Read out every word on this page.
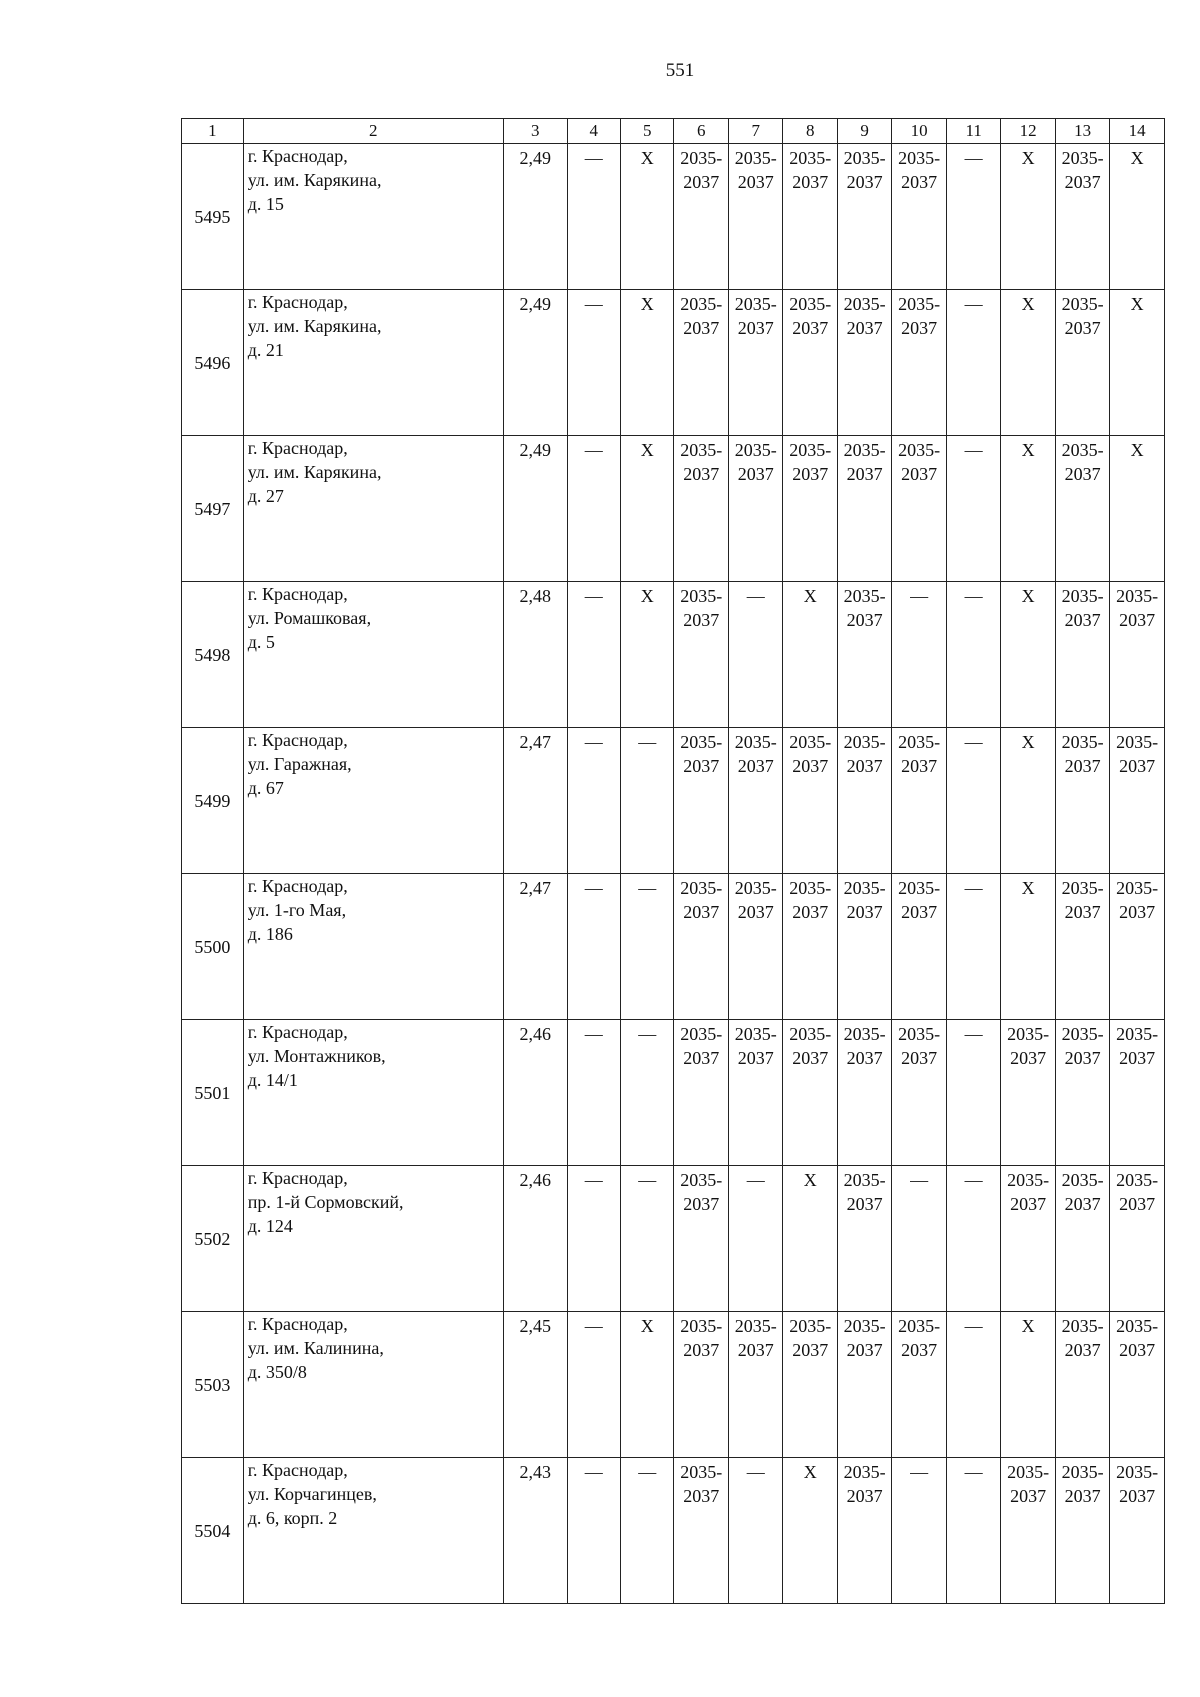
551
1	2	3	4	5	6	7	8	9	10	11	12	13	14
5495	г. Краснодар,
ул. им. Карякина,
д. 15	2,49	—	X	2035-
2037	2035-
2037	2035-
2037	2035-
2037	2035-
2037	—	X	2035-
2037	X
5496	г. Краснодар,
ул. им. Карякина,
д. 21	2,49	—	X	2035-
2037	2035-
2037	2035-
2037	2035-
2037	2035-
2037	—	X	2035-
2037	X
5497	г. Краснодар,
ул. им. Карякина,
д. 27	2,49	—	X	2035-
2037	2035-
2037	2035-
2037	2035-
2037	2035-
2037	—	X	2035-
2037	X
5498	г. Краснодар,
ул. Ромашковая,
д. 5	2,48	—	X	2035-
2037	—	X	2035-
2037	—	—	X	2035-
2037	2035-
2037
5499	г. Краснодар,
ул. Гаражная,
д. 67	2,47	—	—	2035-
2037	2035-
2037	2035-
2037	2035-
2037	2035-
2037	—	X	2035-
2037	2035-
2037
5500	г. Краснодар,
ул. 1-го Мая,
д. 186	2,47	—	—	2035-
2037	2035-
2037	2035-
2037	2035-
2037	2035-
2037	—	X	2035-
2037	2035-
2037
5501	г. Краснодар,
ул. Монтажников,
д. 14/1	2,46	—	—	2035-
2037	2035-
2037	2035-
2037	2035-
2037	2035-
2037	—	2035-
2037	2035-
2037	2035-
2037
5502	г. Краснодар,
пр. 1-й Сормовский,
д. 124	2,46	—	—	2035-
2037	—	X	2035-
2037	—	—	2035-
2037	2035-
2037	2035-
2037
5503	г. Краснодар,
ул. им. Калинина,
д. 350/8	2,45	—	X	2035-
2037	2035-
2037	2035-
2037	2035-
2037	2035-
2037	—	X	2035-
2037	2035-
2037
5504	г. Краснодар,
ул. Корчагинцев,
д. 6, корп. 2	2,43	—	—	2035-
2037	—	X	2035-
2037	—	—	2035-
2037	2035-
2037	2035-
2037
